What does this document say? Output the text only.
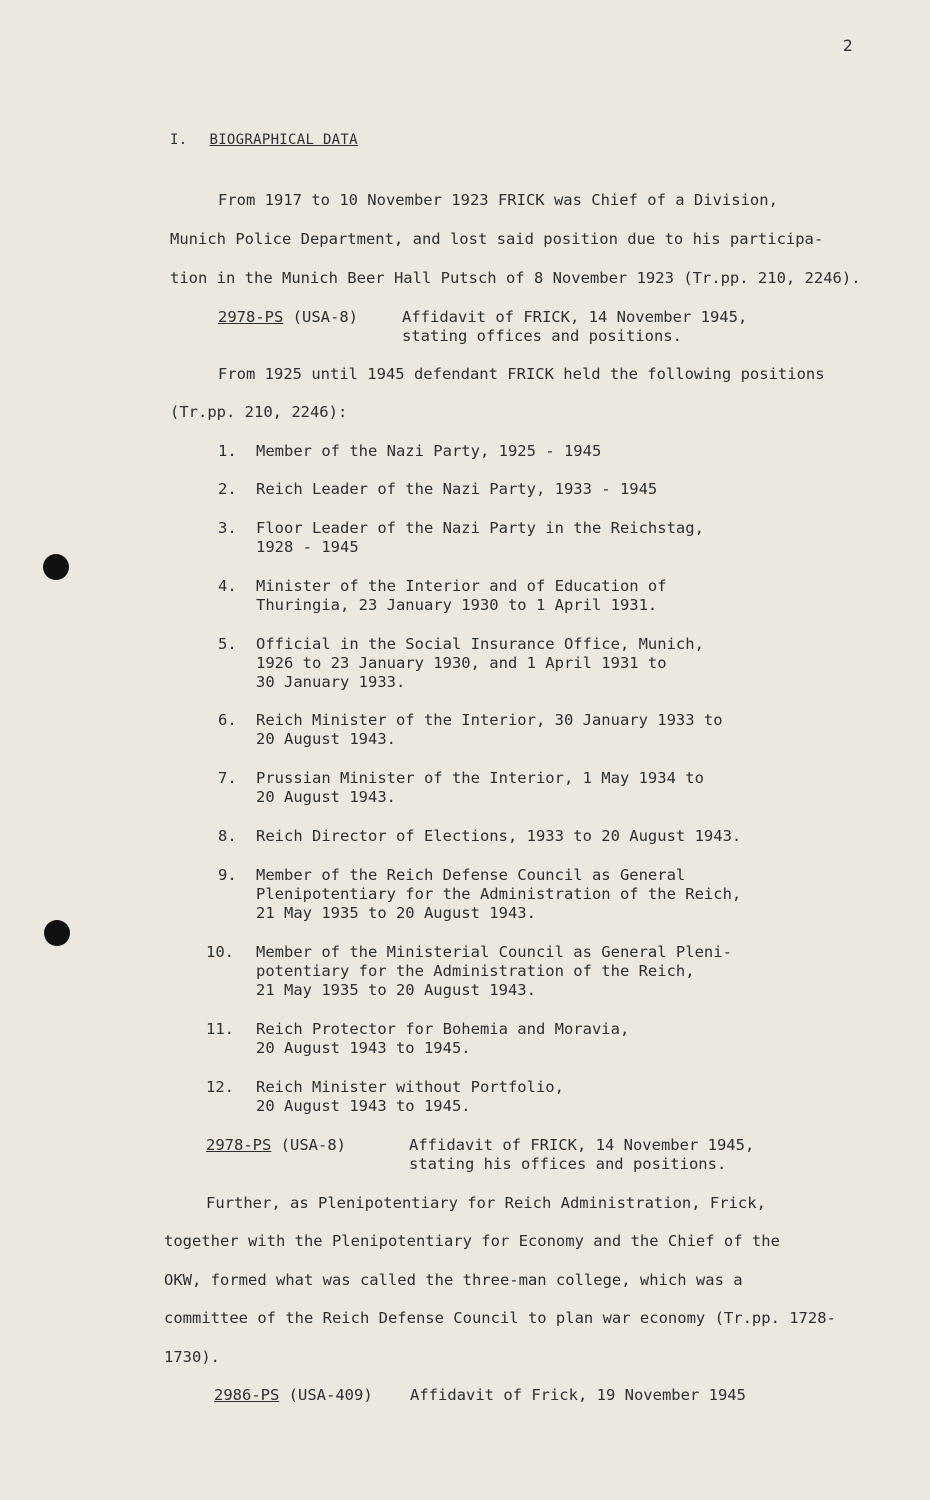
2
I. BIOGRAPHICAL DATA
From 1917 to 10 November 1923 FRICK was Chief of a Division,
Munich Police Department, and lost said position due to his participa-
tion in the Munich Beer Hall Putsch of 8 November 1923 (Tr.pp. 210, 2246).
2978-PS (USA-8)	Affidavit of FRICK, 14 November 1945,
stating offices and positions.
From 1925 until 1945 defendant FRICK held the following positions
(Tr.pp. 210, 2246):
1. Member of the Nazi Party, 1925 - 1945
2. Reich Leader of the Nazi Party, 1933 - 1945
3. Floor Leader of the Nazi Party in the Reichstag,
1928 - 1945
4. Minister of the Interior and of Education of
Thuringia, 23 January 1930 to 1 April 1931.
5. Official in the Social Insurance Office, Munich,
1926 to 23 January 1930, and 1 April 1931 to
30 January 1933.
6. Reich Minister of the Interior, 30 January 1933 to
20 August 1943.
7. Prussian Minister of the Interior, 1 May 1934 to
20 August 1943.
8. Reich Director of Elections, 1933 to 20 August 1943.
9. Member of the Reich Defense Council as General
Plenipotentiary for the Administration of the Reich,
21 May 1935 to 20 August 1943.
10. Member of the Ministerial Council as General Pleni-
potentiary for the Administration of the Reich,
21 May 1935 to 20 August 1943.
11. Reich Protector for Bohemia and Moravia,
20 August 1943 to 1945.
12. Reich Minister without Portfolio,
20 August 1943 to 1945.
2978-PS (USA-8)	Affidavit of FRICK, 14 November 1945,
stating his offices and positions.
Further, as Plenipotentiary for Reich Administration, Frick,
together with the Plenipotentiary for Economy and the Chief of the
OKW, formed what was called the three-man college, which was a
committee of the Reich Defense Council to plan war economy (Tr.pp. 1728-
1730).
2986-PS (USA-409) Affidavit of Frick, 19 November 1945
